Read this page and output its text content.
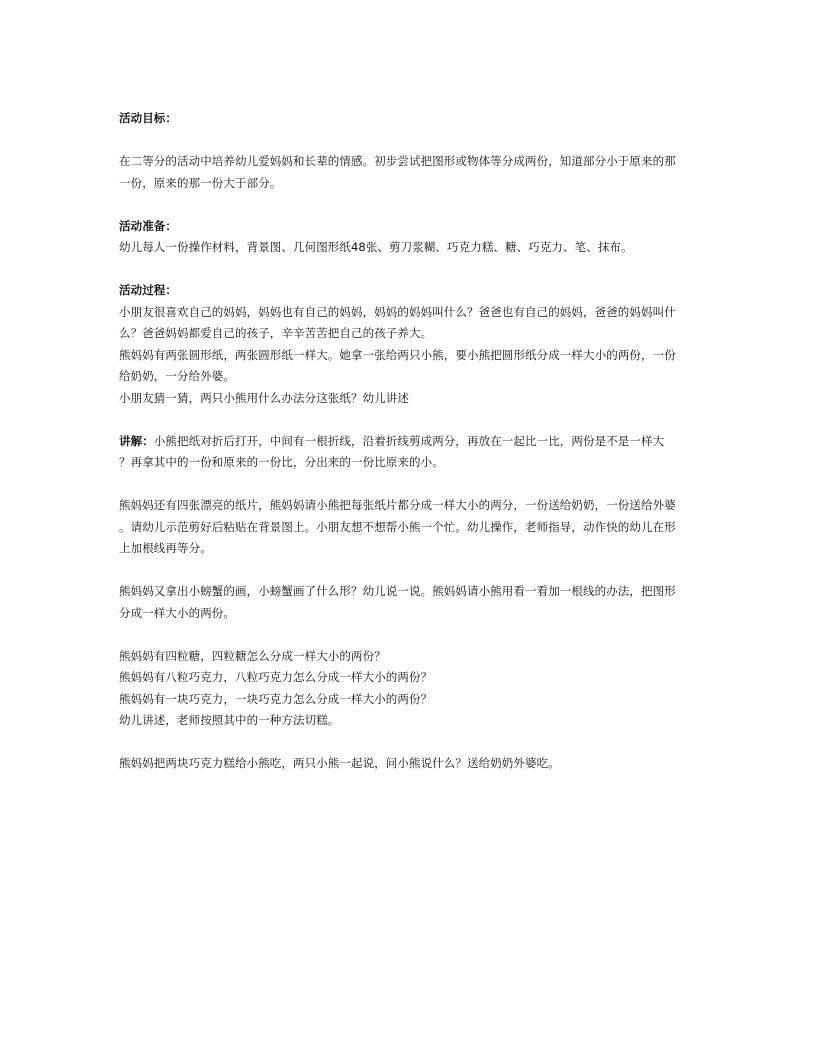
活动目标：
在二等分的活动中培养幼儿爱妈妈和长辈的情感。初步尝试把图形或物体等分成两份，知道部分小于原来的那
一份，原来的那一份大于部分。
活动准备：
幼儿每人一份操作材料，背景图、几何图形纸48张、剪刀浆糊、巧克力糕、糖、巧克力、笔、抹布。
活动过程：
小朋友很喜欢自己的妈妈，妈妈也有自己的妈妈，妈妈的妈妈叫什么？爸爸也有自己的妈妈，爸爸的妈妈叫什
么？爸爸妈妈都爱自己的孩子，辛辛苦苦把自己的孩子养大。
熊妈妈有两张圆形纸，两张圆形纸一样大。她拿一张给两只小熊，要小熊把圆形纸分成一样大小的两份，一份
给奶奶，一分给外婆。
小朋友猜一猜，两只小熊用什么办法分这张纸？幼儿讲述
讲解：小熊把纸对折后打开，中间有一根折线，沿着折线剪成两分，再放在一起比一比，两份是不是一样大
？再拿其中的一份和原来的一份比，分出来的一份比原来的小。
熊妈妈还有四张漂亮的纸片，熊妈妈请小熊把每张纸片都分成一样大小的两分，一份送给奶奶，一份送给外婆
。请幼儿示范剪好后粘贴在背景图上。小朋友想不想帮小熊一个忙。幼儿操作，老师指导，动作快的幼儿在形
上加根线再等分。
熊妈妈又拿出小螃蟹的画，小螃蟹画了什么形？幼儿说一说。熊妈妈请小熊用看一看加一根线的办法，把图形
分成一样大小的两份。
熊妈妈有四粒糖，四粒糖怎么分成一样大小的两份？
熊妈妈有八粒巧克力，八粒巧克力怎么分成一样大小的两份？
熊妈妈有一块巧克力，一块巧克力怎么分成一样大小的两份？
幼儿讲述，老师按照其中的一种方法切糕。
熊妈妈把两块巧克力糕给小熊吃，两只小熊一起说，问小熊说什么？送给奶奶外婆吃。
